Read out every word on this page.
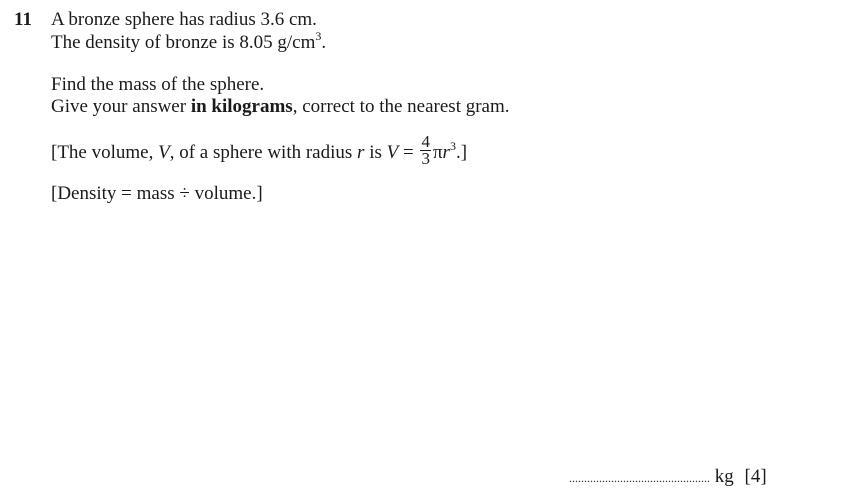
11 A bronze sphere has radius 3.6 cm.
The density of bronze is 8.05 $g/cm^3$.
Find the mass of the sphere.
Give your answer in kilograms, correct to the nearest gram.
[The volume, V, of a sphere with radius r is $V = \frac{4}{3} \pi r^3$.]
[Density = mass ÷ volume.]
............................................... kg [4]
